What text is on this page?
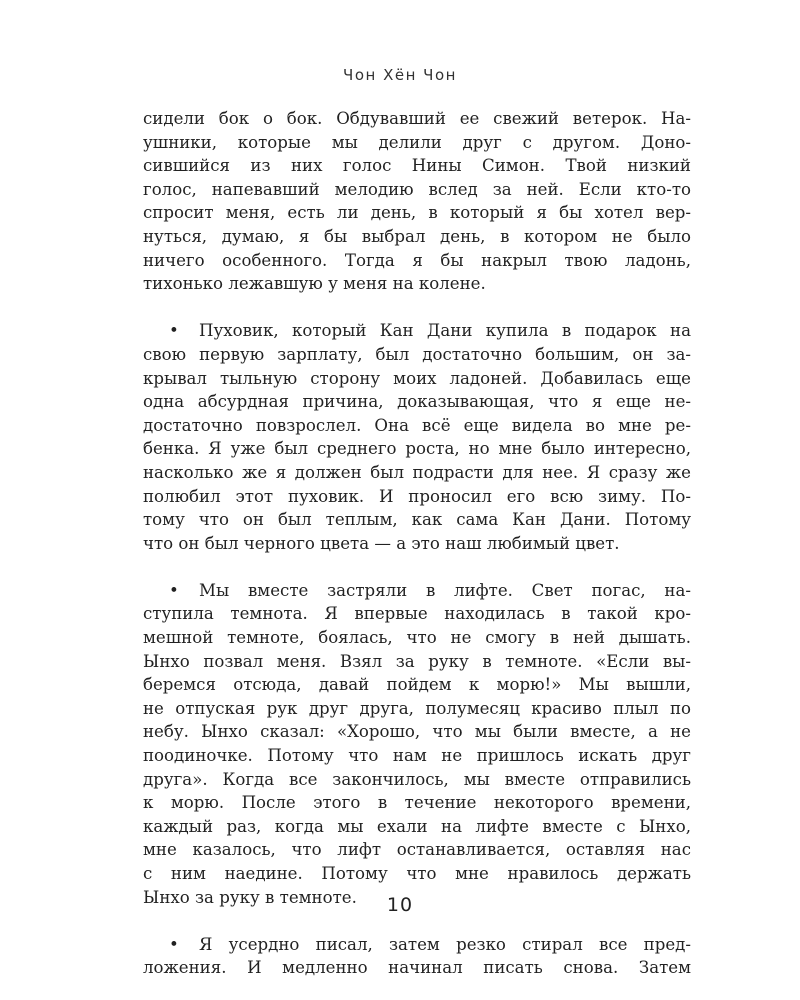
Чон Хён Чон

сидели бок о бок. Обдувавший ее свежий ветерок. На-
ушники, которые мы делили друг с другом. Доно-
сившийся из них голос Нины Симон. Твой низкий
голос, напевавший мелодию вслед за ней. Если кто-то
спросит меня, есть ли день, в который я бы хотел вер-
нуться, думаю, я бы выбрал день, в котором не было
ничего особенного. Тогда я бы накрыл твою ладонь,
тихонько лежавшую у меня на колене.

•	Пуховик, который Кан Дани купила в подарок на
свою первую зарплату, был достаточно большим, он за-
крывал тыльную сторону моих ладоней. Добавилась еще
одна абсурдная причина, доказывающая, что я еще не-
достаточно повзрослел. Она всё еще видела во мне ре-
бенка. Я уже был среднего роста, но мне было интересно,
насколько же я должен был подрасти для нее. Я сразу же
полюбил этот пуховик. И проносил его всю зиму. По-
тому что он был теплым, как сама Кан Дани. Потому
что он был черного цвета — а это наш любимый цвет.

•	Мы вместе застряли в лифте. Свет погас, на-
ступила темнота. Я впервые находилась в такой кро-
мешной темноте, боялась, что не смогу в ней дышать.
Ынхо позвал меня. Взял за руку в темноте. «Если вы-
беремся отсюда, давай пойдем к морю!» Мы вышли,
не отпуская рук друг друга, полумесяц красиво плыл по
небу. Ынхо сказал: «Хорошо, что мы были вместе, а не
поодиночке. Потому что нам не пришлось искать друг
друга». Когда все закончилось, мы вместе отправились
к морю. После этого в течение некоторого времени,
каждый раз, когда мы ехали на лифте вместе с Ынхо,
мне казалось, что лифт останавливается, оставляя нас
с ним наедине. Потому что мне нравилось держать
Ынхо за руку в темноте.

•	Я усердно писал, затем резко стирал все пред-
ложения. И медленно начинал писать снова. Затем

10
